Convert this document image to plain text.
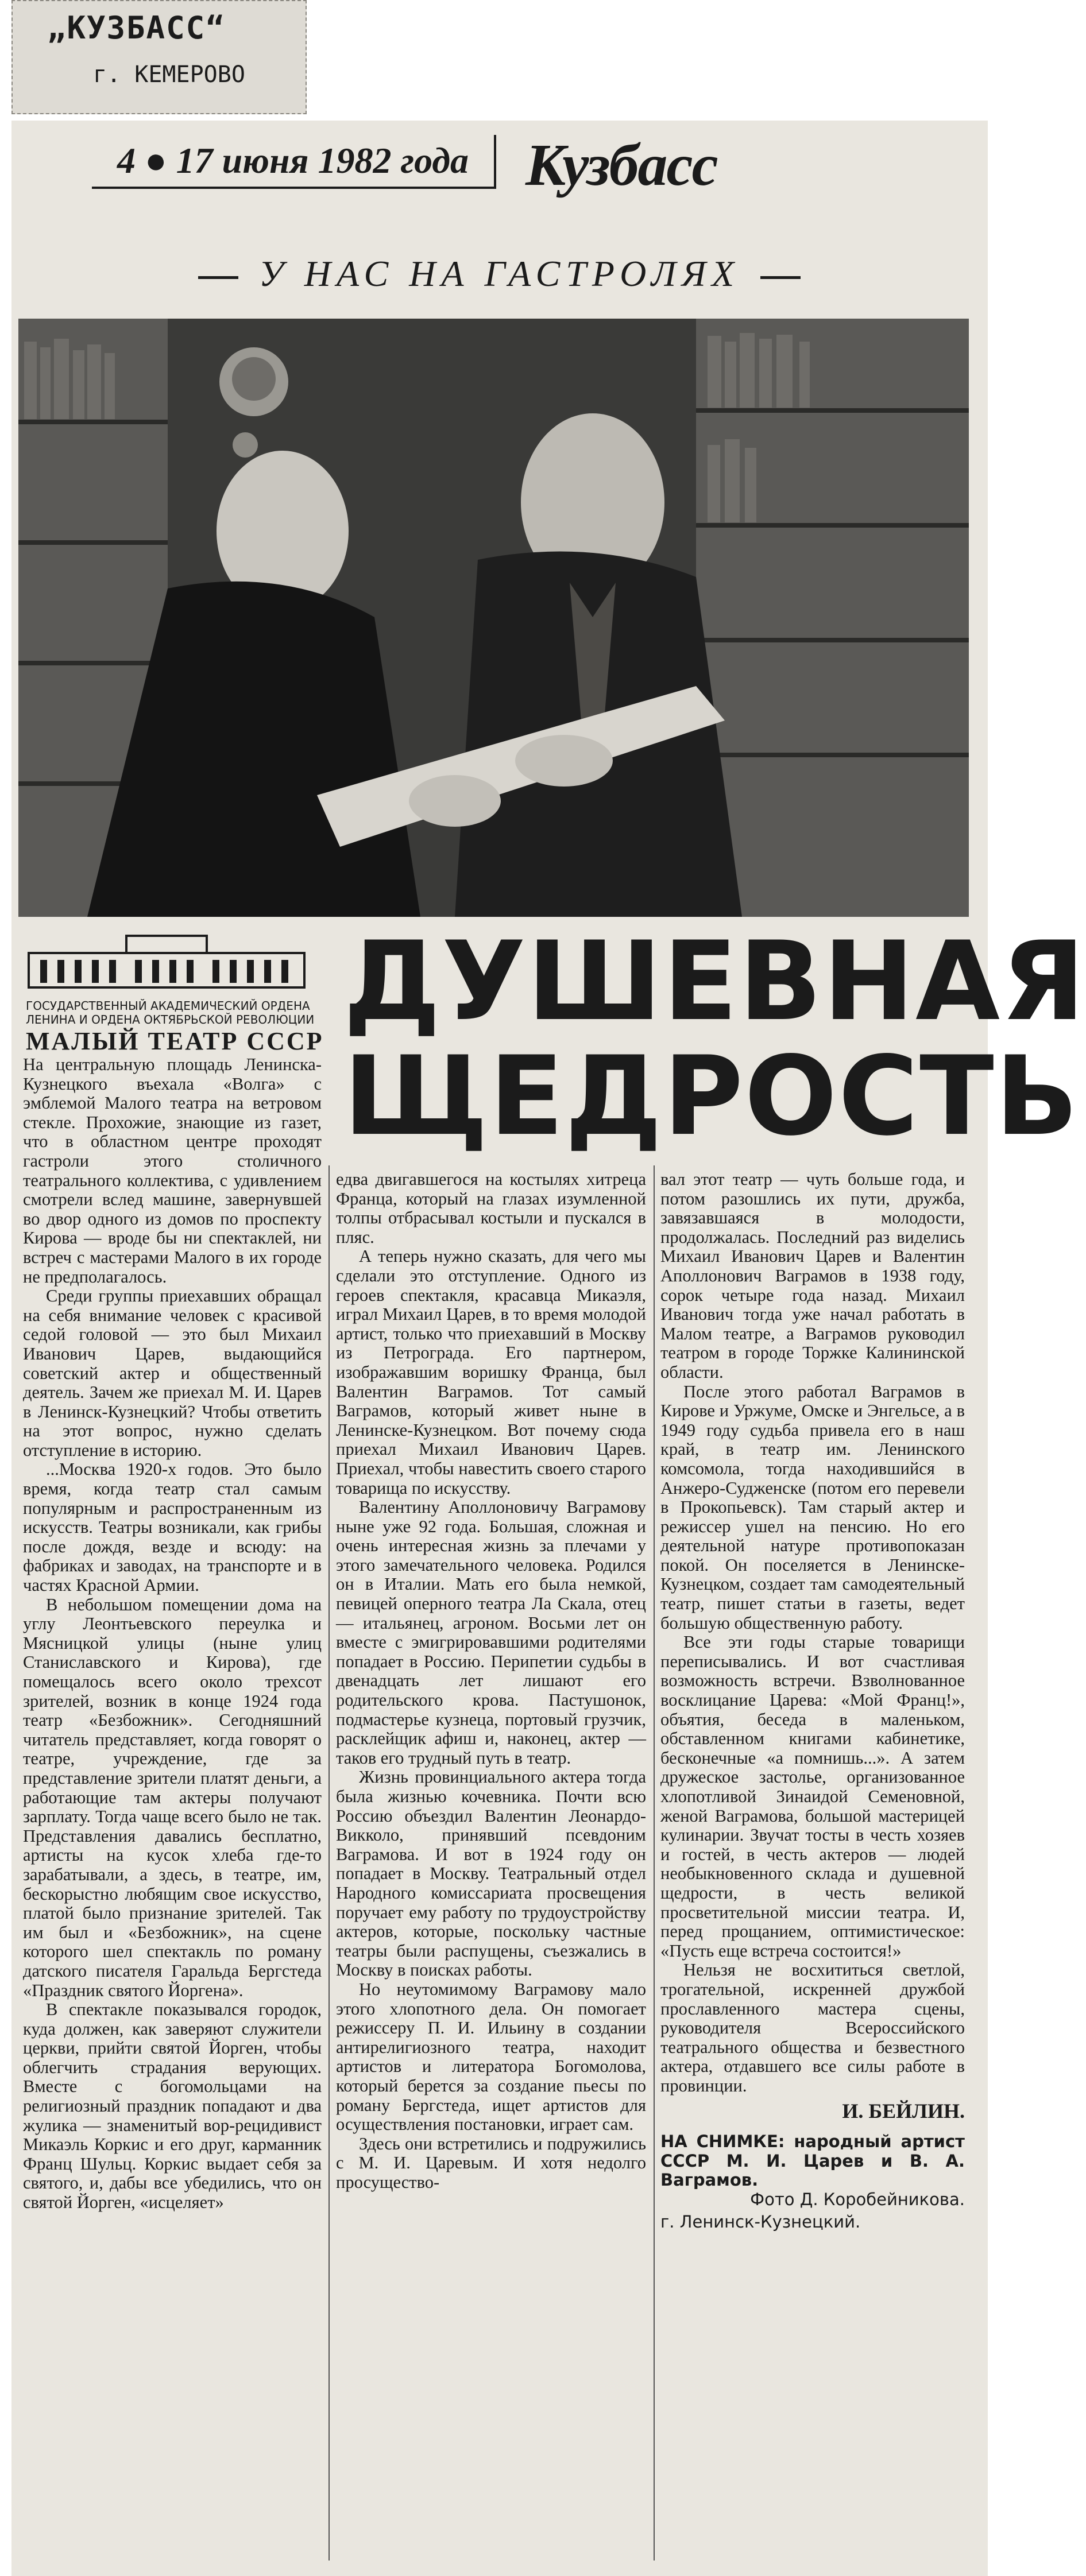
„КУЗБАСС“
г. КЕМЕРОВО
4 ● 17 июня 1982 года Кузбасс
У НАС НА ГАСТРОЛЯХ
ГОСУДАРСТВЕННЫЙ АКАДЕМИЧЕСКИЙ ОРДЕНА ЛЕНИНА И ОРДЕНА ОКТЯБРЬСКОЙ РЕВОЛЮЦИИ
МАЛЫЙ ТЕАТР СССР ДУШЕВНАЯ
ЩЕДРОСТЬ

На центральную площадь Ленинска-Кузнецкого въехала «Волга» с эмблемой Малого театра на ветровом стекле. Прохожие, знающие из газет, что в областном центре проходят гастроли этого столичного театрального коллектива, с удивлением смотрели вслед машине, завернувшей во двор одного из домов по проспекту Кирова — вроде бы ни спектаклей, ни встреч с мастерами Малого в их городе не предполагалось.

Среди группы приехавших обращал на себя внимание человек с красивой седой головой — это был Михаил Иванович Царев, выдающийся советский актер и общественный деятель. Зачем же приехал М. И. Царев в Ленинск-Кузнецкий? Чтобы ответить на этот вопрос, нужно сделать отступление в историю.

...Москва 1920-х годов. Это было время, когда театр стал самым популярным и распространенным из искусств. Театры возникали, как грибы после дождя, везде и всюду: на фабриках и заводах, на транспорте и в частях Красной Армии.

В небольшом помещении дома на углу Леонтьевского переулка и Мясницкой улицы (ныне улиц Станиславского и Кирова), где помещалось всего около трехсот зрителей, возник в конце 1924 года театр «Безбожник». Сегодняшний читатель представляет, когда говорят о театре, учреждение, где за представление зрители платят деньги, а работающие там актеры получают зарплату. Тогда чаще всего было не так. Представления давались бесплатно, артисты на кусок хлеба где-то зарабатывали, а здесь, в театре, им, бескорыстно любящим свое искусство, платой было признание зрителей. Так им был и «Безбожник», на сцене которого шел спектакль по роману датского писателя Гаральда Бергстеда «Праздник святого Йоргена».

В спектакле показывался городок, куда должен, как заверяют служители церкви, прийти святой Йорген, чтобы облегчить страдания верующих. Вместе с богомольцами на религиозный праздник попадают и два жулика — знаменитый вор-рецидивист Микаэль Коркис и его друг, карманник Франц Шульц. Коркис выдает себя за святого, и, дабы все убедились, что он святой Йорген, «исцеляет»

едва двигавшегося на костылях хитреца Франца, который на глазах изумленной толпы отбрасывал костыли и пускался в пляс.

А теперь нужно сказать, для чего мы сделали это отступление. Одного из героев спектакля, красавца Микаэля, играл Михаил Царев, в то время молодой артист, только что приехавший в Москву из Петрограда. Его партнером, изображавшим воришку Франца, был Валентин Ваграмов. Тот самый Ваграмов, который живет ныне в Ленинске-Кузнецком. Вот почему сюда приехал Михаил Иванович Царев. Приехал, чтобы навестить своего старого товарища по искусству.

Валентину Аполлоновичу Ваграмову ныне уже 92 года. Большая, сложная и очень интересная жизнь за плечами у этого замечательного человека. Родился он в Италии. Мать его была немкой, певицей оперного театра Ла Скала, отец — итальянец, агроном. Восьми лет он вместе с эмигрировавшими родителями попадает в Россию. Перипетии судьбы в двенадцать лет лишают его родительского крова. Пастушонок, подмастерье кузнеца, портовый грузчик, расклейщик афиш и, наконец, актер — таков его трудный путь в театр.

Жизнь провинциального актера тогда была жизнью кочевника. Почти всю Россию объездил Валентин Леонардо-Викколо, принявший псевдоним Ваграмова. И вот в 1924 году он попадает в Москву. Театральный отдел Народного комиссариата просвещения поручает ему работу по трудоустройству актеров, которые, поскольку частные театры были распущены, съезжались в Москву в поисках работы.

Но неутомимому Ваграмову мало этого хлопотного дела. Он помогает режиссеру П. И. Ильину в создании антирелигиозного театра, находит артистов и литератора Богомолова, который берется за создание пьесы по роману Бергстеда, ищет артистов для осуществления постановки, играет сам.

Здесь они встретились и подружились с М. И. Царевым. И хотя недолго просущество-

вал этот театр — чуть больше года, и потом разошлись их пути, дружба, завязавшаяся в молодости, продолжалась. Последний раз виделись Михаил Иванович Царев и Валентин Аполлонович Ваграмов в 1938 году, сорок четыре года назад. Михаил Иванович тогда уже начал работать в Малом театре, а Ваграмов руководил театром в городе Торжке Калининской области.

После этого работал Ваграмов в Кирове и Уржуме, Омске и Энгельсе, а в 1949 году судьба привела его в наш край, в театр им. Ленинского комсомола, тогда находившийся в Анжеро-Судженске (потом его перевели в Прокопьевск). Там старый актер и режиссер ушел на пенсию. Но его деятельной натуре противопоказан покой. Он поселяется в Ленинске-Кузнецком, создает там самодеятельный театр, пишет статьи в газеты, ведет большую общественную работу.

Все эти годы старые товарищи переписывались. И вот счастливая возможность встречи. Взволнованное восклицание Царева: «Мой Франц!», объятия, беседа в маленьком, обставленном книгами кабинетике, бесконечные «а помнишь...». А затем дружеское застолье, организованное хлопотливой Зинаидой Семеновной, женой Ваграмова, большой мастерицей кулинарии. Звучат тосты в честь хозяев и гостей, в честь актеров — людей необыкновенного склада и душевной щедрости, в честь великой просветительной миссии театра. И, перед прощанием, оптимистическое: «Пусть еще встреча состоится!»

Нельзя не восхититься светлой, трогательной, искренней дружбой прославленного мастера сцены, руководителя Всероссийского театрального общества и безвестного актера, отдавшего все силы работе в провинции.

И. БЕЙЛИН.

НА СНИМКЕ: народный артист СССР М. И. Царев и В. А. Ваграмов.

Фото Д. Коробейникова.

г. Ленинск-Кузнецкий.
